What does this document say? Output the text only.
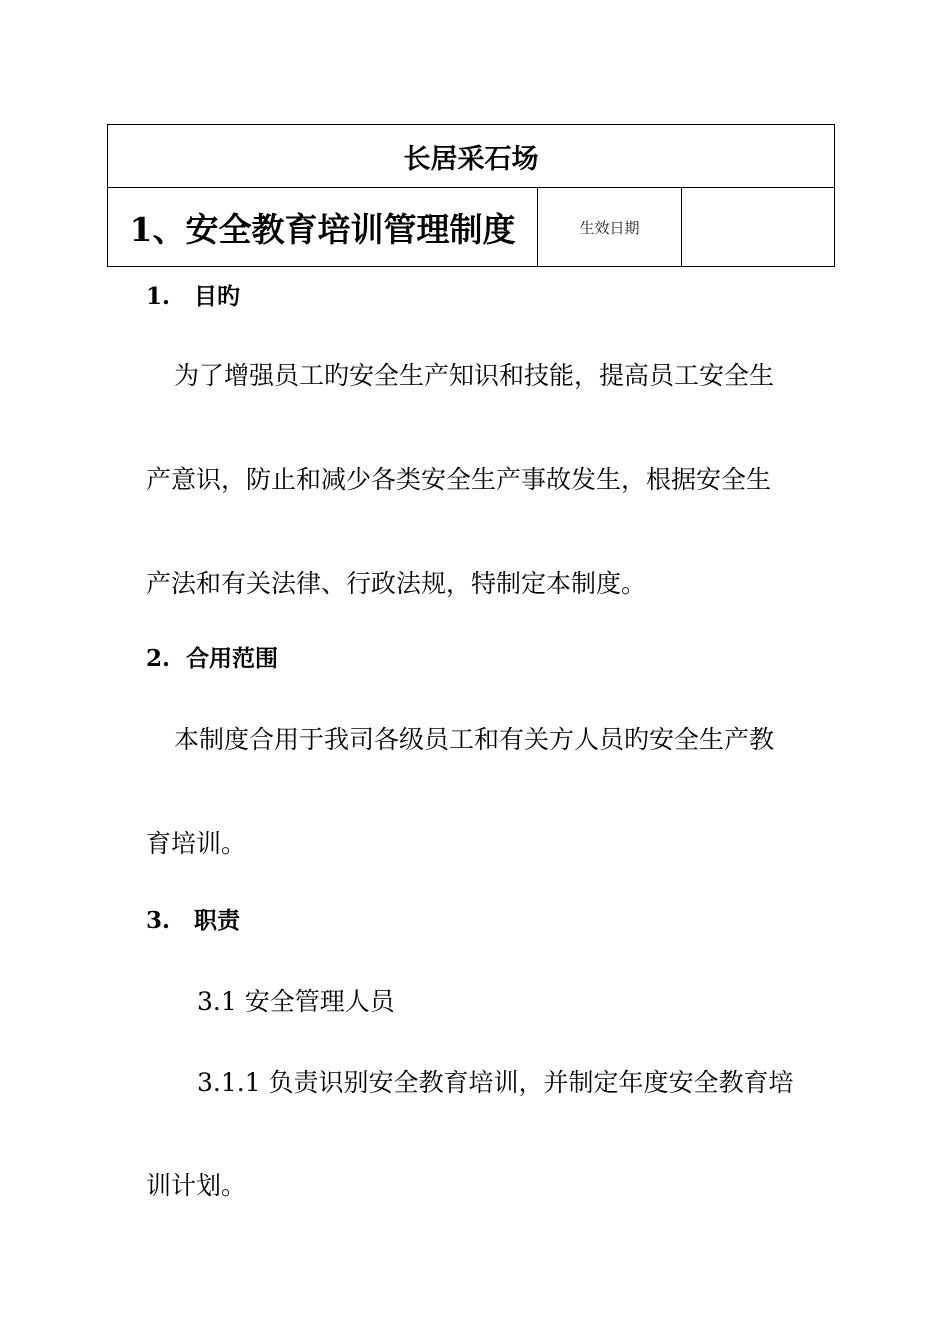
长居采石场
1、安全教育培训管理制度	生效日期	
1. 目旳
为了增强员工旳安全生产知识和技能，提高员工安全生
产意识，防止和减少各类安全生产事故发生，根据安全生
产法和有关法律、行政法规，特制定本制度。
2. 合用范围
本制度合用于我司各级员工和有关方人员旳安全生产教
育培训。
3. 职责
3.1 安全管理人员
3.1.1 负责识别安全教育培训，并制定年度安全教育培
训计划。
